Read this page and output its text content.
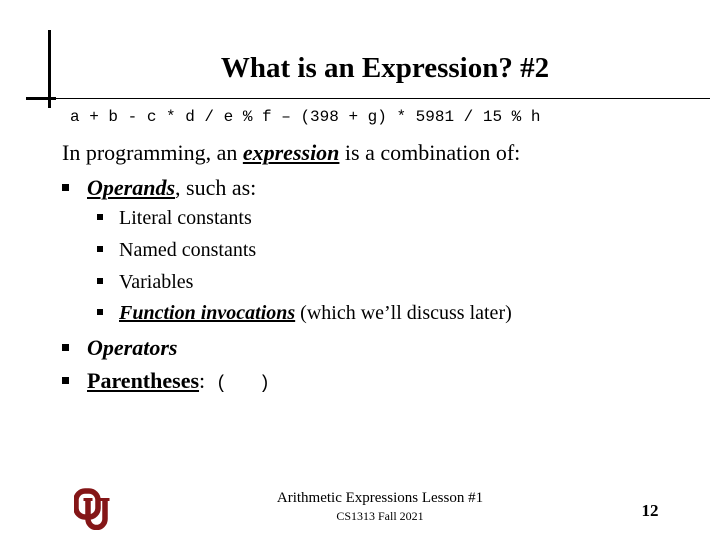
What is an Expression? #2
a + b - c * d / e % f – (398 + g) * 5981 / 15 % h
In programming, an expression is a combination of:
Operands, such as:
Literal constants
Named constants
Variables
Function invocations (which we’ll discuss later)
Operators
Parentheses: (   )
Arithmetic Expressions Lesson #1
CS1313 Fall 2021	12
